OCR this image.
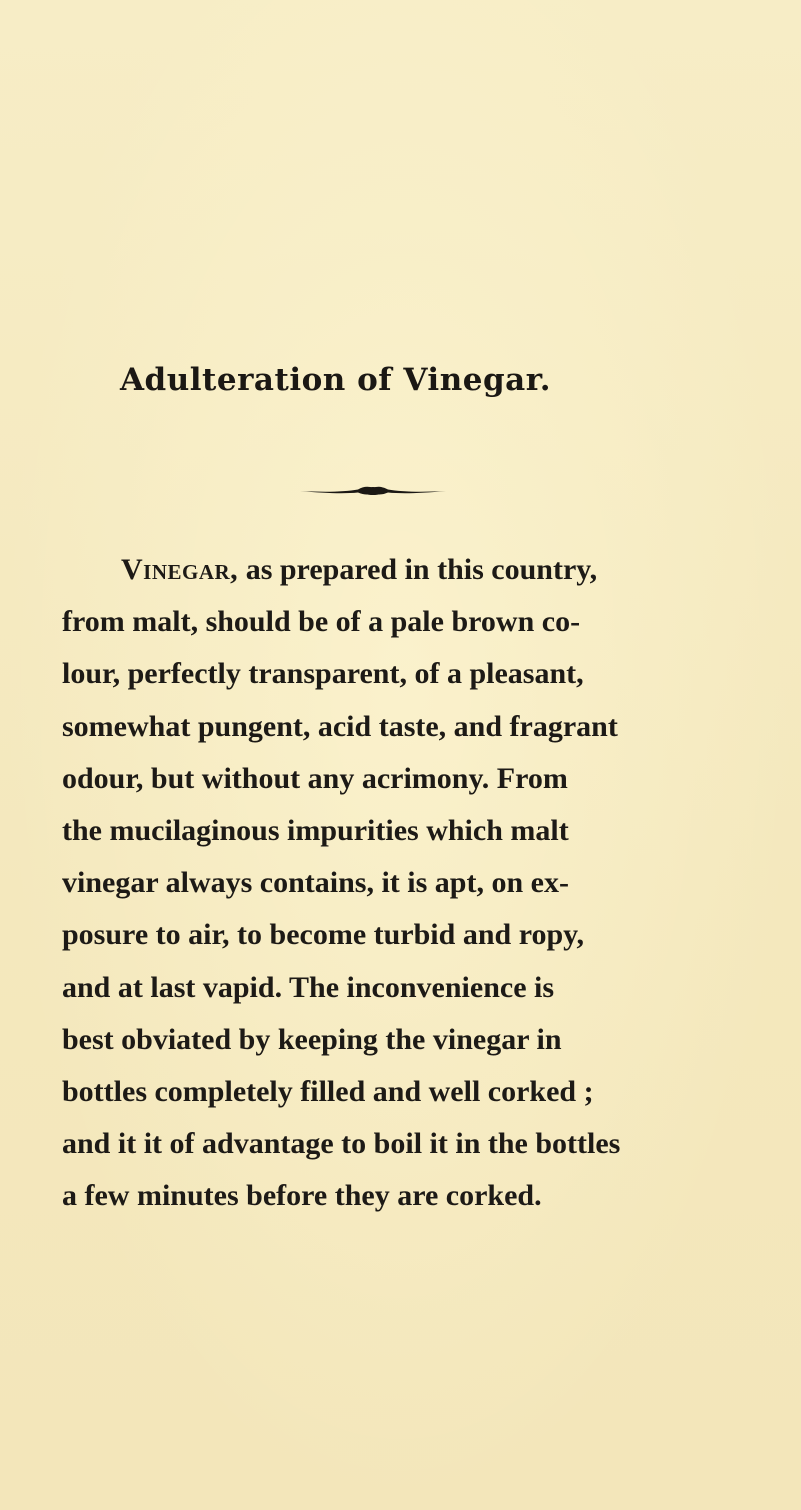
Adulteration of Vinegar.
Vinegar, as prepared in this country,
from malt, should be of a pale brown co-
lour, perfectly transparent, of a pleasant,
somewhat pungent, acid taste, and fragrant
odour, but without any acrimony. From
the mucilaginous impurities which malt
vinegar always contains, it is apt, on ex-
posure to air, to become turbid and ropy,
and at last vapid. The inconvenience is
best obviated by keeping the vinegar in
bottles completely filled and well corked ;
and it it of advantage to boil it in the bottles
a few minutes before they are corked.
